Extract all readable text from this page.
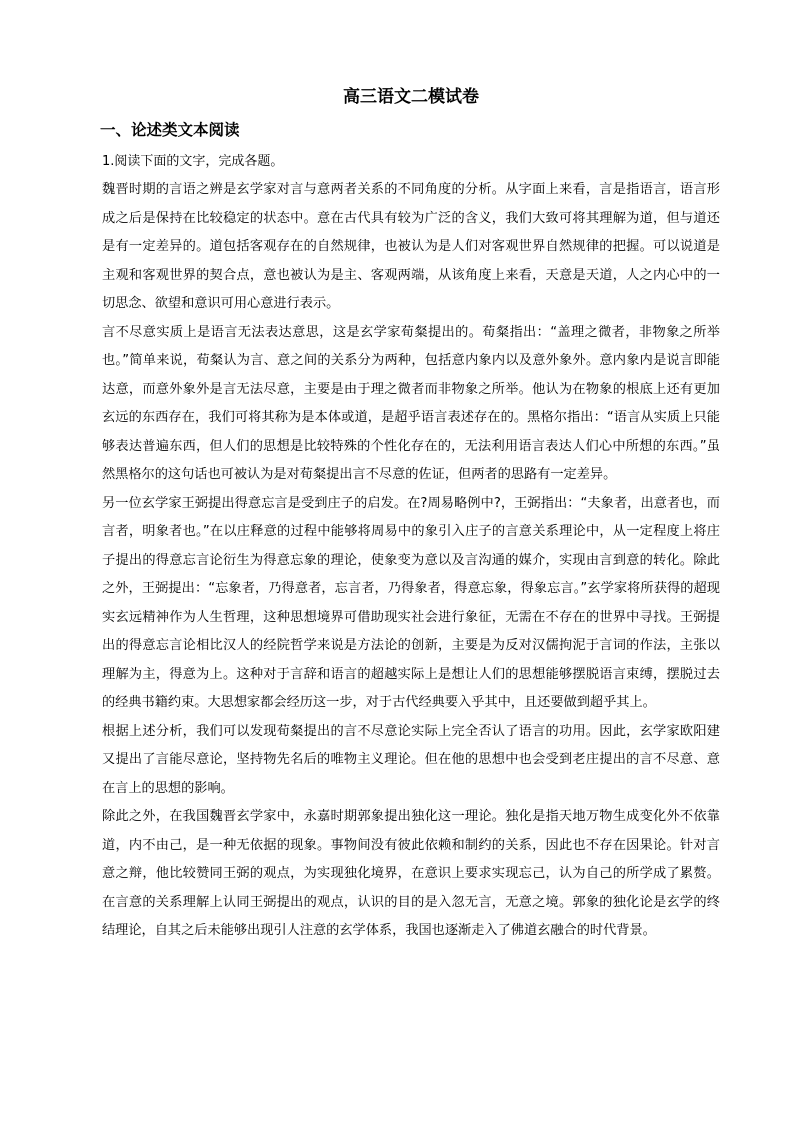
高三语文二模试卷
一、论述类文本阅读
1.阅读下面的文字，完成各题。

魏晋时期的言语之辨是玄学家对言与意两者关系的不同角度的分析。从字面上来看，言是指语言，语言形成之后是保持在比较稳定的状态中。意在古代具有较为广泛的含义，我们大致可将其理解为道，但与道还是有一定差异的。道包括客观存在的自然规律，也被认为是人们对客观世界自然规律的把握。可以说道是主观和客观世界的契合点，意也被认为是主、客观两端，从该角度上来看，天意是天道，人之内心中的一切思念、欲望和意识可用心意进行表示。

言不尽意实质上是语言无法表达意思，这是玄学家荀粲提出的。荀粲指出：“盖理之微者，非物象之所举也。”简单来说，荀粲认为言、意之间的关系分为两种，包括意内象内以及意外象外。意内象内是说言即能达意，而意外象外是言无法尽意，主要是由于理之微者而非物象之所举。他认为在物象的根底上还有更加玄远的东西存在，我们可将其称为是本体或道，是超乎语言表述存在的。黑格尔指出：“语言从实质上只能够表达普遍东西，但人们的思想是比较特殊的个性化存在的，无法利用语言表达人们心中所想的东西。”虽然黑格尔的这句话也可被认为是对荀粲提出言不尽意的佐证，但两者的思路有一定差异。

另一位玄学家王弼提出得意忘言是受到庄子的启发。在?周易略例中?，王弼指出：“夫象者，出意者也，而言者，明象者也。”在以庄释意的过程中能够将周易中的象引入庄子的言意关系理论中，从一定程度上将庄子提出的得意忘言论衍生为得意忘象的理论，使象变为意以及言沟通的媒介，实现由言到意的转化。除此之外，王弼提出：“忘象者，乃得意者，忘言者，乃得象者，得意忘象，得象忘言。”玄学家将所获得的超现实玄远精神作为人生哲理，这种思想境界可借助现实社会进行象征，无需在不存在的世界中寻找。王弼提出的得意忘言论相比汉人的经院哲学来说是方法论的创新，主要是为反对汉儒拘泥于言词的作法，主张以理解为主，得意为上。这种对于言辞和语言的超越实际上是想让人们的思想能够摆脱语言束缚，摆脱过去的经典书籍约束。大思想家都会经历这一步，对于古代经典要入乎其中，且还要做到超乎其上。

根据上述分析，我们可以发现荀粲提出的言不尽意论实际上完全否认了语言的功用。因此，玄学家欧阳建又提出了言能尽意论，坚持物先名后的唯物主义理论。但在他的思想中也会受到老庄提出的言不尽意、意在言上的思想的影响。

除此之外，在我国魏晋玄学家中，永嘉时期郭象提出独化这一理论。独化是指天地万物生成变化外不依靠道，内不由己，是一种无依据的现象。事物间没有彼此依赖和制约的关系，因此也不存在因果论。针对言意之辩，他比较赞同王弼的观点，为实现独化境界，在意识上要求实现忘己，认为自己的所学成了累赘。在言意的关系理解上认同王弼提出的观点，认识的目的是入忽无言，无意之境。郭象的独化论是玄学的终结理论，自其之后未能够出现引人注意的玄学体系，我国也逐渐走入了佛道玄融合的时代背景。
